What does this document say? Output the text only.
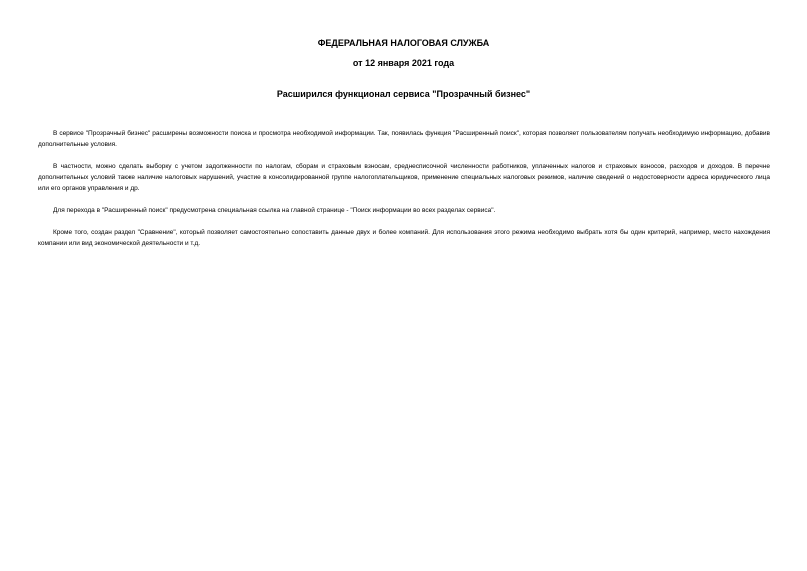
ФЕДЕРАЛЬНАЯ НАЛОГОВАЯ СЛУЖБА
от 12 января 2021 года
Расширился функционал сервиса "Прозрачный бизнес"

В сервисе "Прозрачный бизнес" расширены возможности поиска и просмотра необходимой информации. Так, появилась функция "Расширенный поиск", которая позволяет пользователям получать необходимую информацию, добавив дополнительные условия.

В частности, можно сделать выборку с учетом задолженности по налогам, сборам и страховым взносам, среднесписочной численности работников, уплаченных налогов и страховых взносов, расходов и доходов. В перечне дополнительных условий также наличие налоговых нарушений, участие в консолидированной группе налогоплательщиков, применение специальных налоговых режимов, наличие сведений о недостоверности адреса юридического лица или его органов управления и др.

Для перехода в "Расширенный поиск" предусмотрена специальная ссылка на главной странице - "Поиск информации во всех разделах сервиса".

Кроме того, создан раздел "Сравнение", который позволяет самостоятельно сопоставить данные двух и более компаний. Для использования этого режима необходимо выбрать хотя бы один критерий, например, место нахождения компании или вид экономической деятельности и т.д.
